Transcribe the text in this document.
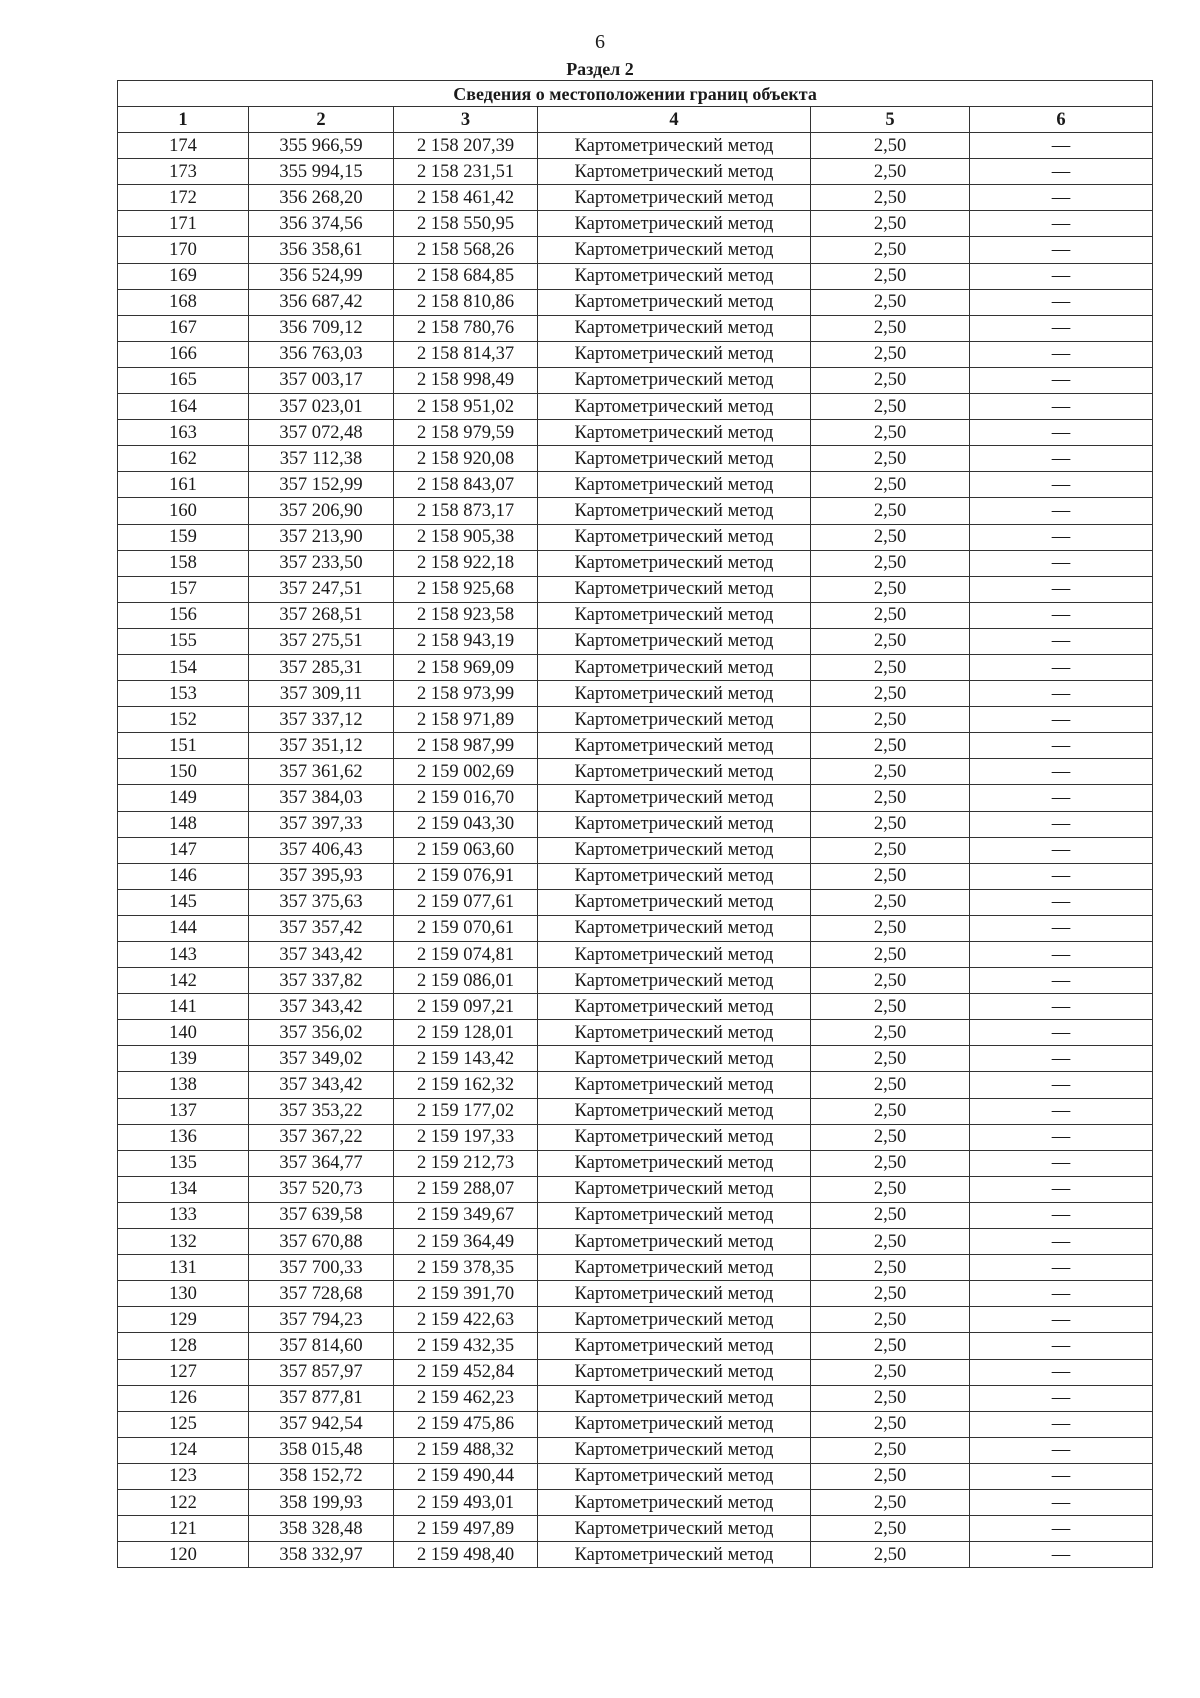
6
Раздел 2
Сведения о местоположении границ объекта					
1	2	3	4	5	6
174	355 966,59	2 158 207,39	Картометрический метод	2,50	—
173	355 994,15	2 158 231,51	Картометрический метод	2,50	—
172	356 268,20	2 158 461,42	Картометрический метод	2,50	—
171	356 374,56	2 158 550,95	Картометрический метод	2,50	—
170	356 358,61	2 158 568,26	Картометрический метод	2,50	—
169	356 524,99	2 158 684,85	Картометрический метод	2,50	—
168	356 687,42	2 158 810,86	Картометрический метод	2,50	—
167	356 709,12	2 158 780,76	Картометрический метод	2,50	—
166	356 763,03	2 158 814,37	Картометрический метод	2,50	—
165	357 003,17	2 158 998,49	Картометрический метод	2,50	—
164	357 023,01	2 158 951,02	Картометрический метод	2,50	—
163	357 072,48	2 158 979,59	Картометрический метод	2,50	—
162	357 112,38	2 158 920,08	Картометрический метод	2,50	—
161	357 152,99	2 158 843,07	Картометрический метод	2,50	—
160	357 206,90	2 158 873,17	Картометрический метод	2,50	—
159	357 213,90	2 158 905,38	Картометрический метод	2,50	—
158	357 233,50	2 158 922,18	Картометрический метод	2,50	—
157	357 247,51	2 158 925,68	Картометрический метод	2,50	—
156	357 268,51	2 158 923,58	Картометрический метод	2,50	—
155	357 275,51	2 158 943,19	Картометрический метод	2,50	—
154	357 285,31	2 158 969,09	Картометрический метод	2,50	—
153	357 309,11	2 158 973,99	Картометрический метод	2,50	—
152	357 337,12	2 158 971,89	Картометрический метод	2,50	—
151	357 351,12	2 158 987,99	Картометрический метод	2,50	—
150	357 361,62	2 159 002,69	Картометрический метод	2,50	—
149	357 384,03	2 159 016,70	Картометрический метод	2,50	—
148	357 397,33	2 159 043,30	Картометрический метод	2,50	—
147	357 406,43	2 159 063,60	Картометрический метод	2,50	—
146	357 395,93	2 159 076,91	Картометрический метод	2,50	—
145	357 375,63	2 159 077,61	Картометрический метод	2,50	—
144	357 357,42	2 159 070,61	Картометрический метод	2,50	—
143	357 343,42	2 159 074,81	Картометрический метод	2,50	—
142	357 337,82	2 159 086,01	Картометрический метод	2,50	—
141	357 343,42	2 159 097,21	Картометрический метод	2,50	—
140	357 356,02	2 159 128,01	Картометрический метод	2,50	—
139	357 349,02	2 159 143,42	Картометрический метод	2,50	—
138	357 343,42	2 159 162,32	Картометрический метод	2,50	—
137	357 353,22	2 159 177,02	Картометрический метод	2,50	—
136	357 367,22	2 159 197,33	Картометрический метод	2,50	—
135	357 364,77	2 159 212,73	Картометрический метод	2,50	—
134	357 520,73	2 159 288,07	Картометрический метод	2,50	—
133	357 639,58	2 159 349,67	Картометрический метод	2,50	—
132	357 670,88	2 159 364,49	Картометрический метод	2,50	—
131	357 700,33	2 159 378,35	Картометрический метод	2,50	—
130	357 728,68	2 159 391,70	Картометрический метод	2,50	—
129	357 794,23	2 159 422,63	Картометрический метод	2,50	—
128	357 814,60	2 159 432,35	Картометрический метод	2,50	—
127	357 857,97	2 159 452,84	Картометрический метод	2,50	—
126	357 877,81	2 159 462,23	Картометрический метод	2,50	—
125	357 942,54	2 159 475,86	Картометрический метод	2,50	—
124	358 015,48	2 159 488,32	Картометрический метод	2,50	—
123	358 152,72	2 159 490,44	Картометрический метод	2,50	—
122	358 199,93	2 159 493,01	Картометрический метод	2,50	—
121	358 328,48	2 159 497,89	Картометрический метод	2,50	—
120	358 332,97	2 159 498,40	Картометрический метод	2,50	—
